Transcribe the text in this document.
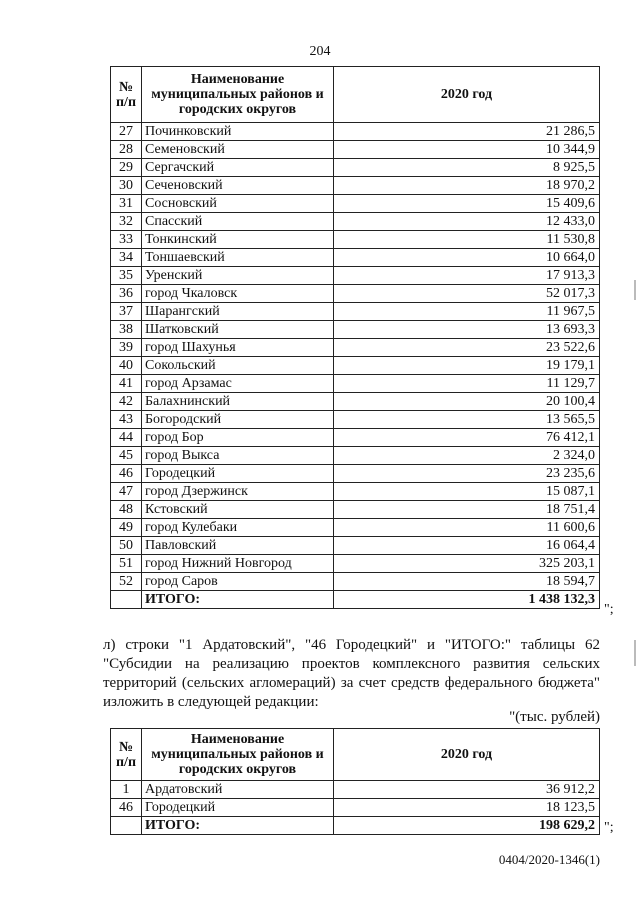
204
№ п/п	Наименование муниципальных районов и городских округов	2020 год
27	Починковский	21 286,5
28	Семеновский	10 344,9
29	Сергачский	8 925,5
30	Сеченовский	18 970,2
31	Сосновский	15 409,6
32	Спасский	12 433,0
33	Тонкинский	11 530,8
34	Тоншаевский	10 664,0
35	Уренский	17 913,3
36	город Чкаловск	52 017,3
37	Шарангский	11 967,5
38	Шатковский	13 693,3
39	город Шахунья	23 522,6
40	Сокольский	19 179,1
41	город Арзамас	11 129,7
42	Балахнинский	20 100,4
43	Богородский	13 565,5
44	город Бор	76 412,1
45	город Выкса	2 324,0
46	Городецкий	23 235,6
47	город Дзержинск	15 087,1
48	Кстовский	18 751,4
49	город Кулебаки	11 600,6
50	Павловский	16 064,4
51	город Нижний Новгород	325 203,1
52	город Саров	18 594,7
	ИТОГО:	1 438 132,3
";
л) строки "1 Ардатовский", "46 Городецкий" и "ИТОГО:" таблицы 62 "Субсидии на реализацию проектов комплексного развития сельских территорий (сельских агломераций) за счет средств федерального бюджета" изложить в следующей редакции:
"(тыс. рублей)
№ п/п	Наименование муниципальных районов и городских округов	2020 год
1	Ардатовский	36 912,2
46	Городецкий	18 123,5
	ИТОГО:	198 629,2 ";
0404/2020-1346(1)
